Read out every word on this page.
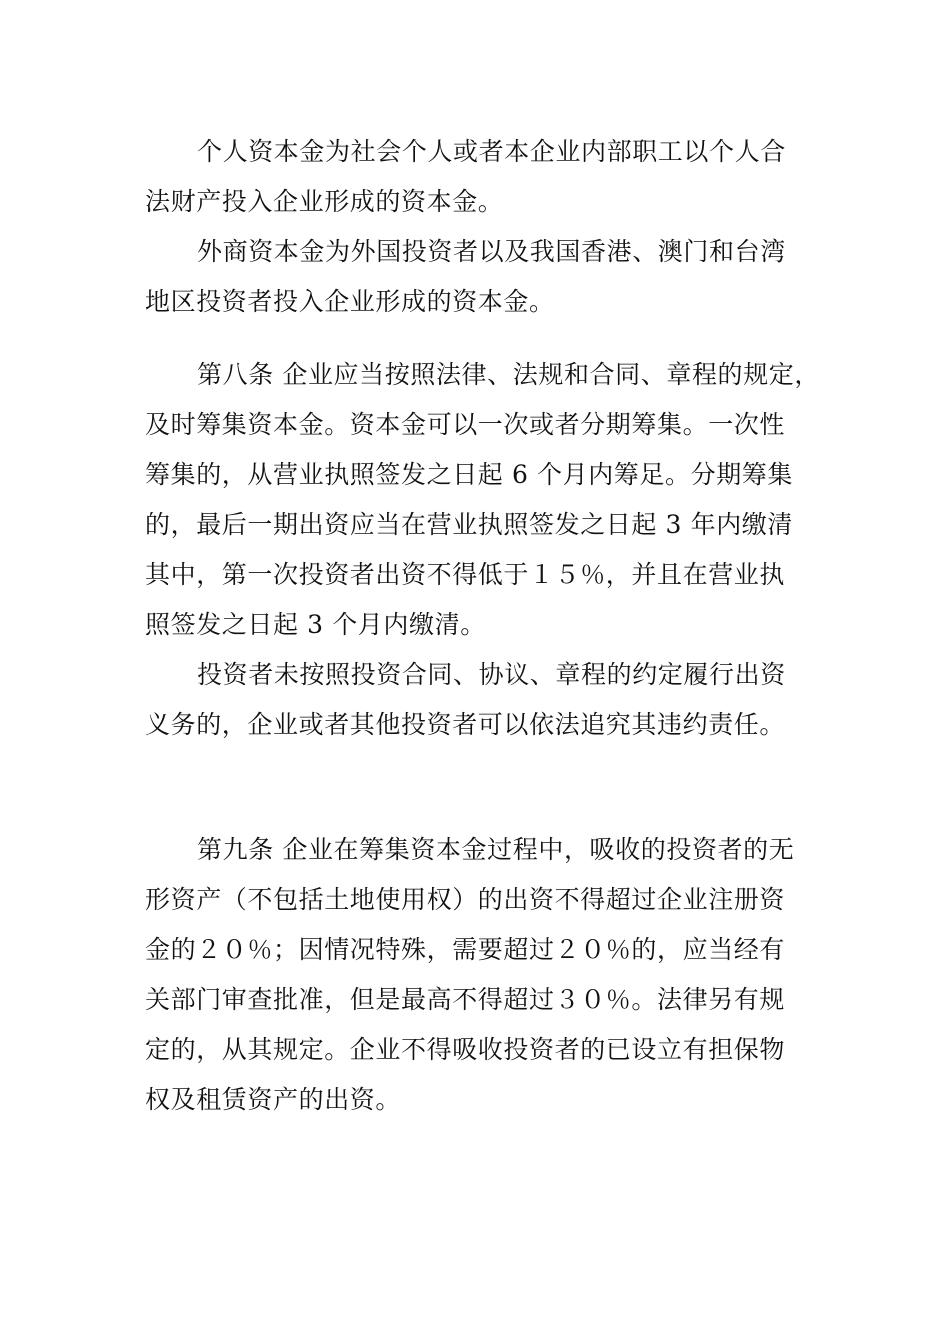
个人资本金为社会个人或者本企业内部职工以个人合

法财产投入企业形成的资本金。

外商资本金为外国投资者以及我国香港、澳门和台湾

地区投资者投入企业形成的资本金。

第八条 企业应当按照法律、法规和合同、章程的规定，

及时筹集资本金。资本金可以一次或者分期筹集。一次性

筹集的，从营业执照签发之日起 6 个月内筹足。分期筹集

的，最后一期出资应当在营业执照签发之日起 3 年内缴清

其中，第一次投资者出资不得低于１５％，并且在营业执

照签发之日起 3 个月内缴清。

投资者未按照投资合同、协议、章程的约定履行出资

义务的，企业或者其他投资者可以依法追究其违约责任。

第九条 企业在筹集资本金过程中，吸收的投资者的无

形资产（不包括土地使用权）的出资不得超过企业注册资

金的２０％；因情况特殊，需要超过２０％的，应当经有

关部门审查批准，但是最高不得超过３０％。法律另有规

定的，从其规定。企业不得吸收投资者的已设立有担保物

权及租赁资产的出资。
